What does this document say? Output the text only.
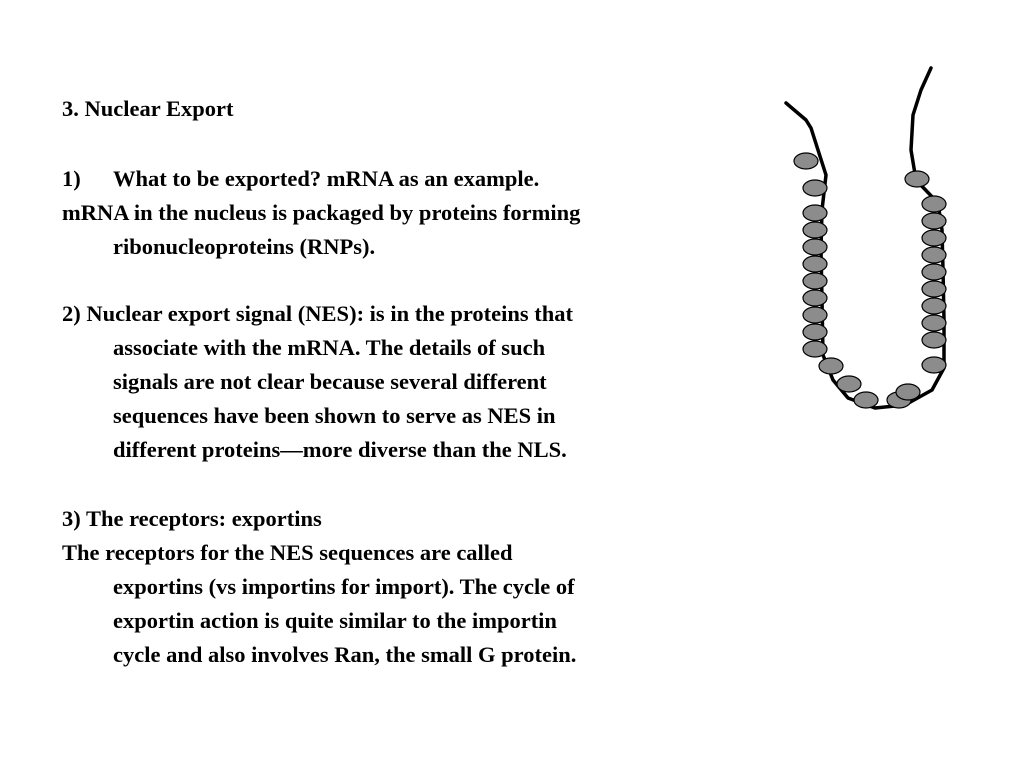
3. Nuclear Export
1) What to be exported? mRNA as an example.
mRNA in the nucleus is packaged by proteins forming
ribonucleoproteins (RNPs).
2) Nuclear export signal (NES): is in the proteins that
associate with the mRNA. The details of such
signals are not clear because several different
sequences have been shown to serve as NES in
different proteins—more diverse than the NLS.
3) The receptors: exportins
The receptors for the NES sequences are called
exportins (vs importins for import). The cycle of
exportin action is quite similar to the importin
cycle and also involves Ran, the small G protein.
